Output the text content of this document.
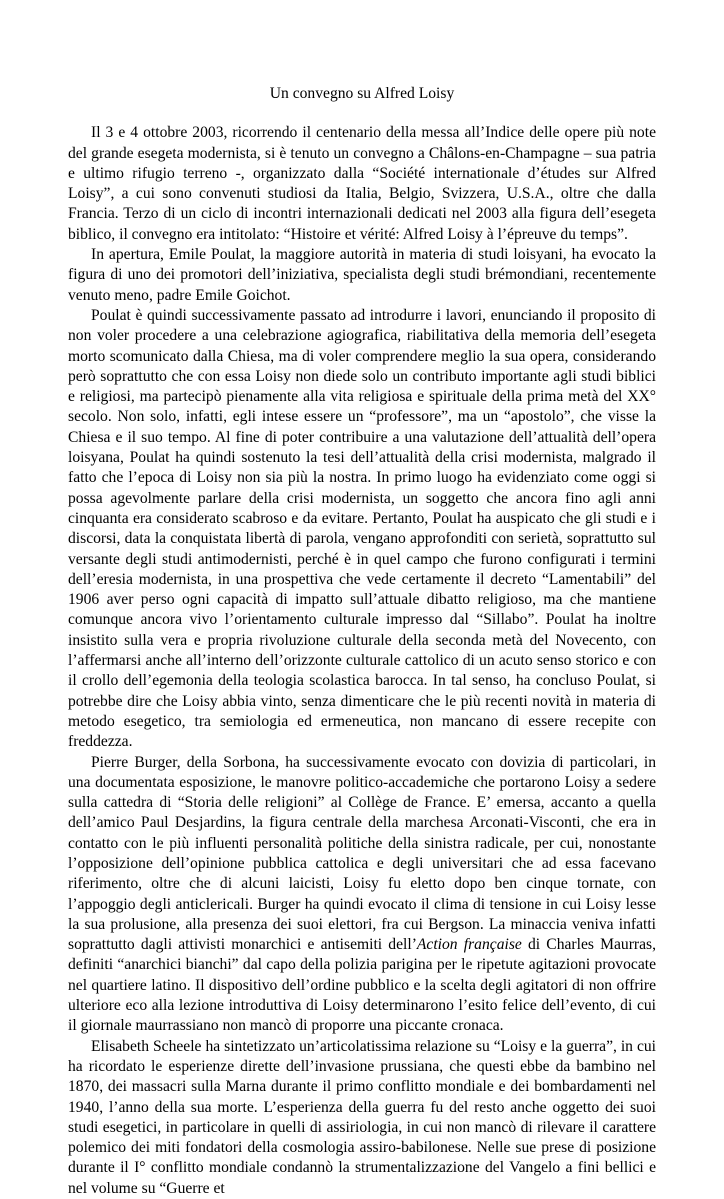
Un convegno su Alfred Loisy

Il 3 e 4 ottobre 2003, ricorrendo il centenario della messa all’Indice delle opere più note del grande esegeta modernista, si è tenuto un convegno a Châlons-en-Champagne – sua patria e ultimo rifugio terreno -, organizzato dalla “Société internationale d’études sur Alfred Loisy”, a cui sono convenuti studiosi da Italia, Belgio, Svizzera, U.S.A., oltre che dalla Francia. Terzo di un ciclo di incontri internazionali dedicati nel 2003 alla figura dell’esegeta biblico, il convegno era intitolato: “Histoire et vérité: Alfred Loisy à l’épreuve du temps”.

In apertura, Emile Poulat, la maggiore autorità in materia di studi loisyani, ha evocato la figura di uno dei promotori dell’iniziativa, specialista degli studi brémondiani, recentemente venuto meno, padre Emile Goichot.

Poulat è quindi successivamente passato ad introdurre i lavori, enunciando il proposito di non voler procedere a una celebrazione agiografica, riabilitativa della memoria dell’esegeta morto scomunicato dalla Chiesa, ma di voler comprendere meglio la sua opera, considerando però soprattutto che con essa Loisy non diede solo un contributo importante agli studi biblici e religiosi, ma partecipò pienamente alla vita religiosa e spirituale della prima metà del XX° secolo. Non solo, infatti, egli intese essere un “professore”, ma un “apostolo”, che visse la Chiesa e il suo tempo. Al fine di poter contribuire a una valutazione dell’attualità dell’opera loisyana, Poulat ha quindi sostenuto la tesi dell’attualità della crisi modernista, malgrado il fatto che l’epoca di Loisy non sia più la nostra. In primo luogo ha evidenziato come oggi si possa agevolmente parlare della crisi modernista, un soggetto che ancora fino agli anni cinquanta era considerato scabroso e da evitare. Pertanto, Poulat ha auspicato che gli studi e i discorsi, data la conquistata libertà di parola, vengano approfonditi con serietà, soprattutto sul versante degli studi antimodernisti, perché è in quel campo che furono configurati i termini dell’eresia modernista, in una prospettiva che vede certamente il decreto “Lamentabili” del 1906 aver perso ogni capacità di impatto sull’attuale dibatto religioso, ma che mantiene comunque ancora vivo l’orientamento culturale impresso dal “Sillabo”. Poulat ha inoltre insistito sulla vera e propria rivoluzione culturale della seconda metà del Novecento, con l’affermarsi anche all’interno dell’orizzonte culturale cattolico di un acuto senso storico e con il crollo dell’egemonia della teologia scolastica barocca. In tal senso, ha concluso Poulat, si potrebbe dire che Loisy abbia vinto, senza dimenticare che le più recenti novità in materia di metodo esegetico, tra semiologia ed ermeneutica, non mancano di essere recepite con freddezza.

Pierre Burger, della Sorbona, ha successivamente evocato con dovizia di particolari, in una documentata esposizione, le manovre politico-accademiche che portarono Loisy a sedere sulla cattedra di “Storia delle religioni” al Collège de France. E’ emersa, accanto a quella dell’amico Paul Desjardins, la figura centrale della marchesa Arconati-Visconti, che era in contatto con le più influenti personalità politiche della sinistra radicale, per cui, nonostante l’opposizione dell’opinione pubblica cattolica e degli universitari che ad essa facevano riferimento, oltre che di alcuni laicisti, Loisy fu eletto dopo ben cinque tornate, con l’appoggio degli anticlericali. Burger ha quindi evocato il clima di tensione in cui Loisy lesse la sua prolusione, alla presenza dei suoi elettori, fra cui Bergson. La minaccia veniva infatti soprattutto dagli attivisti monarchici e antisemiti dell’Action française di Charles Maurras, definiti “anarchici bianchi” dal capo della polizia parigina per le ripetute agitazioni provocate nel quartiere latino. Il dispositivo dell’ordine pubblico e la scelta degli agitatori di non offrire ulteriore eco alla lezione introduttiva di Loisy determinarono l’esito felice dell’evento, di cui il giornale maurrassiano non mancò di proporre una piccante cronaca.

Elisabeth Scheele ha sintetizzato un’articolatissima relazione su “Loisy e la guerra”, in cui ha ricordato le esperienze dirette dell’invasione prussiana, che questi ebbe da bambino nel 1870, dei massacri sulla Marna durante il primo conflitto mondiale e dei bombardamenti nel 1940, l’anno della sua morte. L’esperienza della guerra fu del resto anche oggetto dei suoi studi esegetici, in particolare in quelli di assiriologia, in cui non mancò di rilevare il carattere polemico dei miti fondatori della cosmologia assiro-babilonese. Nelle sue prese di posizione durante il I° conflitto mondiale condannò la strumentalizzazione del Vangelo a fini bellici e nel volume su “Guerre et
